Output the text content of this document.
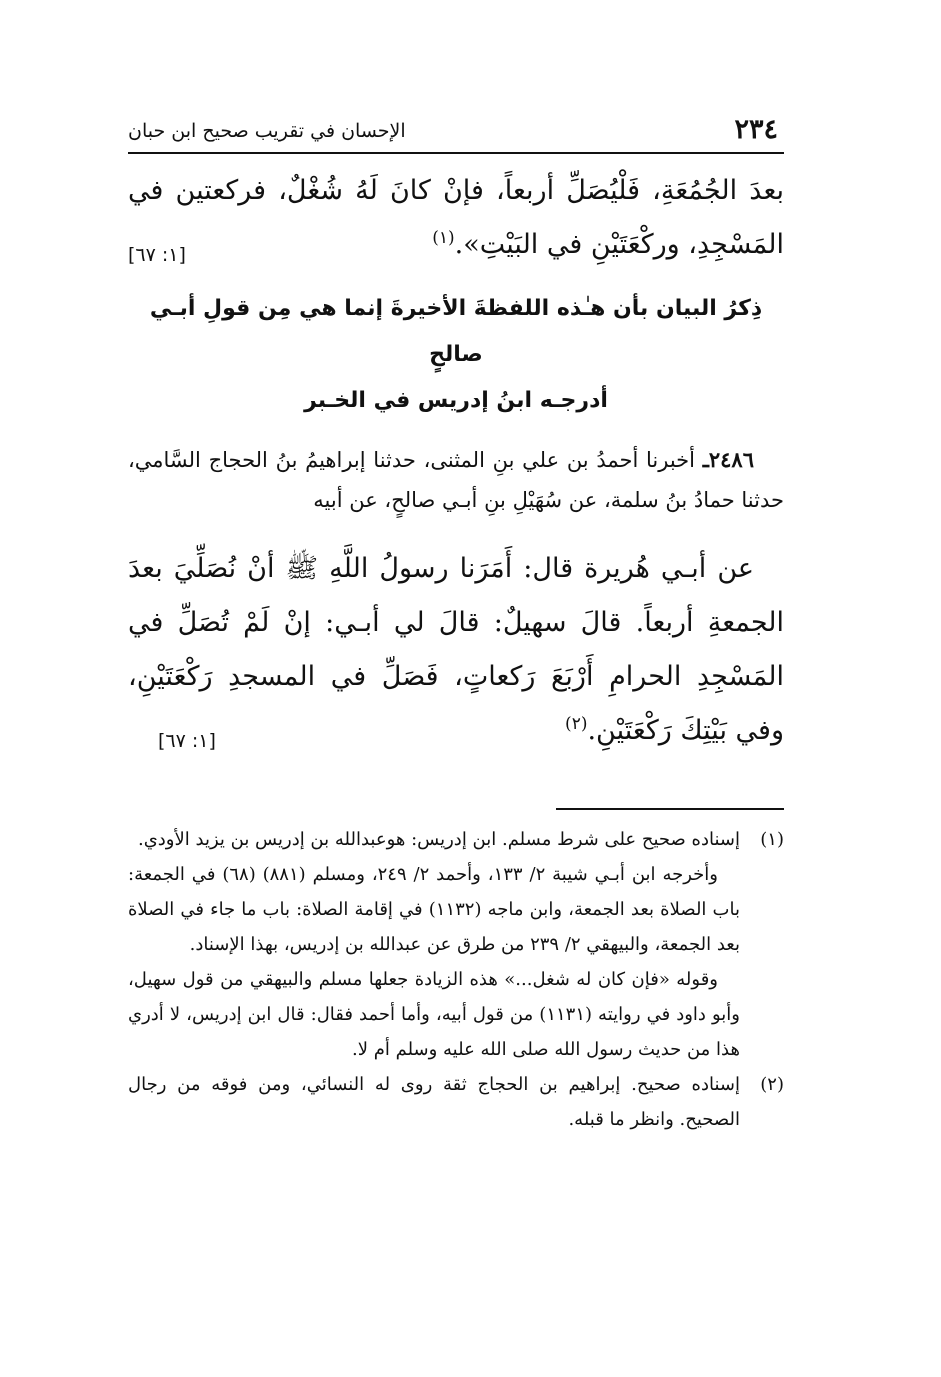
٢٣٤
الإحسان في تقريب صحيح ابن حبان

بعدَ الجُمُعَةِ، فَلْيُصَلِّ أربعاً، فإنْ كانَ لَهُ شُغْلٌ، فركعتين في المَسْجِدِ، وركْعَتَيْنِ في البَيْتِ».$^{(١)}$
[١: ٦٧]

ذِكرُ البيان بأن هـٰذه اللفظةَ الأخيرةَ إنما هي مِن قولِ أبـي صالحٍ
أدرجـه ابنُ إدريس في الخـبر

٢٤٨٦ـ أخبرنا أحمدُ بن علي بنِ المثنى، حدثنا إبراهيمُ بنُ الحجاج السَّامي، حدثنا حمادُ بنُ سلمة، عن سُهَيْلِ بنِ أبـي صالحٍ، عن أبيه

عن أبـي هُريرة قال: أَمَرَنا رسولُ اللَّهِ ﷺ أنْ نُصَلِّيَ بعدَ الجمعةِ أربعاً. قالَ سهيلٌ: قالَ لي أبـي: إنْ لَمْ تُصَلِّ في المَسْجِدِ الحرامِ أَرْبَعَ رَكعاتٍ، فَصَلِّ في المسجدِ رَكْعَتَيْنِ، وفي بَيْتِكَ رَكْعَتَيْنِ.$^{(٢)}$
[١: ٦٧]

(١)
إسناده صحيح على شرط مسلم. ابن إدريس: هوعبدالله بن إدريس بن يزيد الأودي.
وأخرجه ابن أبـي شيبة ٢/ ١٣٣، وأحمد ٢/ ٢٤٩، ومسلم (٨٨١) (٦٨) في الجمعة: باب الصلاة بعد الجمعة، وابن ماجه (١١٣٢) في إقامة الصلاة: باب ما جاء في الصلاة بعد الجمعة، والبيهقي ٢/ ٢٣٩ من طرق عن عبدالله بن إدريس، بهذا الإسناد.
وقوله «فإن كان له شغل...» هذه الزيادة جعلها مسلم والبيهقي من قول سهيل، وأبو داود في روايته (١١٣١) من قول أبيه، وأما أحمد فقال: قال ابن إدريس، لا أدري هذا من حديث رسول الله صلى الله عليه وسلم أم لا.
(٢)
إسناده صحيح. إبراهيم بن الحجاج ثقة روى له النسائي، ومن فوقه من رجال الصحيح. وانظر ما قبله.
